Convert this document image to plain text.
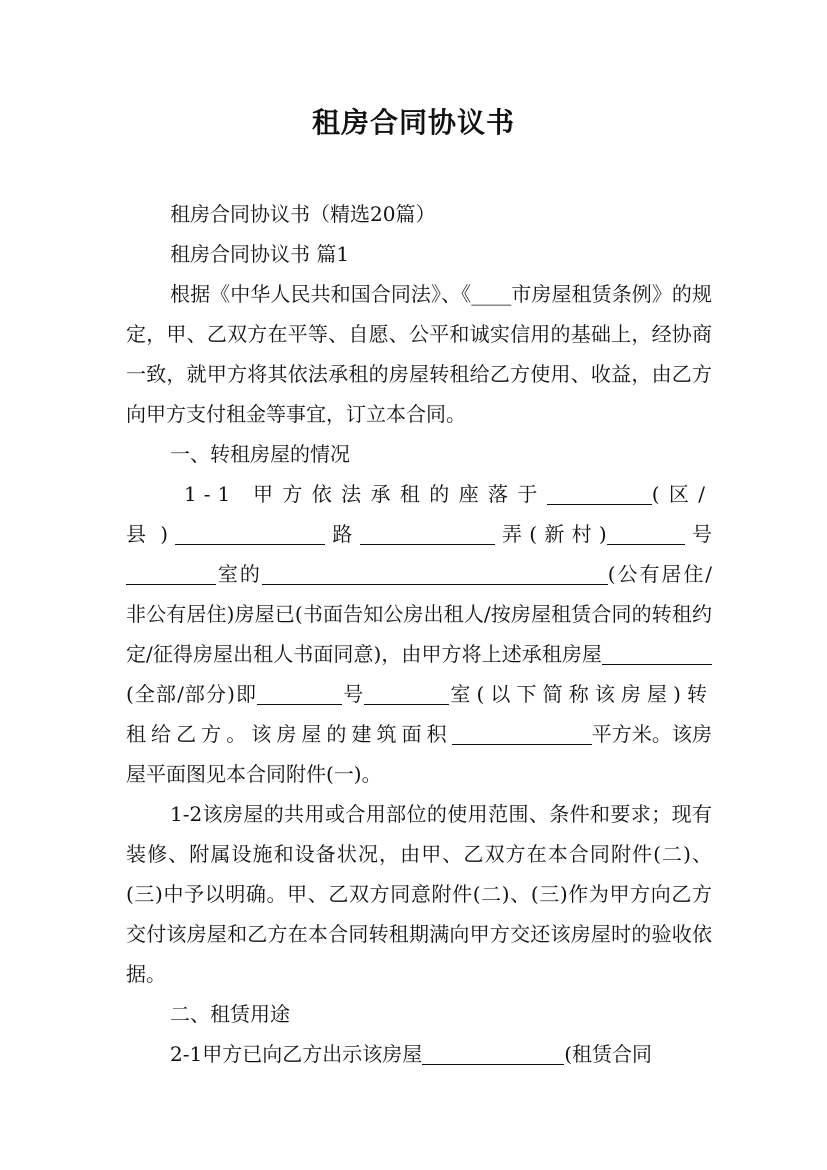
租房合同协议书

租房合同协议书（精选20篇）

租房合同协议书 篇1

根据《中华人民共和国合同法》、《____市房屋租赁条例》的规定，甲、乙双方在平等、自愿、公平和诚实信用的基础上，经协商一致，就甲方将其依法承租的房屋转租给乙方使用、收益，由乙方向甲方支付租金等事宜，订立本合同。

一、转租房屋的情况

1-1 甲方依法承租的座落于	(区/县)	路	弄(新村)	号室的	(公有居住/非公有居住)房屋已(书面告知公房出租人/按房屋租赁合同的转租约定/征得房屋出租人书面同意)，由甲方将上述承租房屋(全部/部分)即	号	室(以下简称该房屋)转租给乙方。该房屋的建筑面积	平方米。该房屋平面图见本合同附件(一)。

1-2该房屋的共用或合用部位的使用范围、条件和要求；现有装修、附属设施和设备状况，由甲、乙双方在本合同附件(二)、(三)中予以明确。甲、乙双方同意附件(二)、(三)作为甲方向乙方交付该房屋和乙方在本合同转租期满向甲方交还该房屋时的验收依据。

二、租赁用途

2-1甲方已向乙方出示该房屋	(租赁合同
